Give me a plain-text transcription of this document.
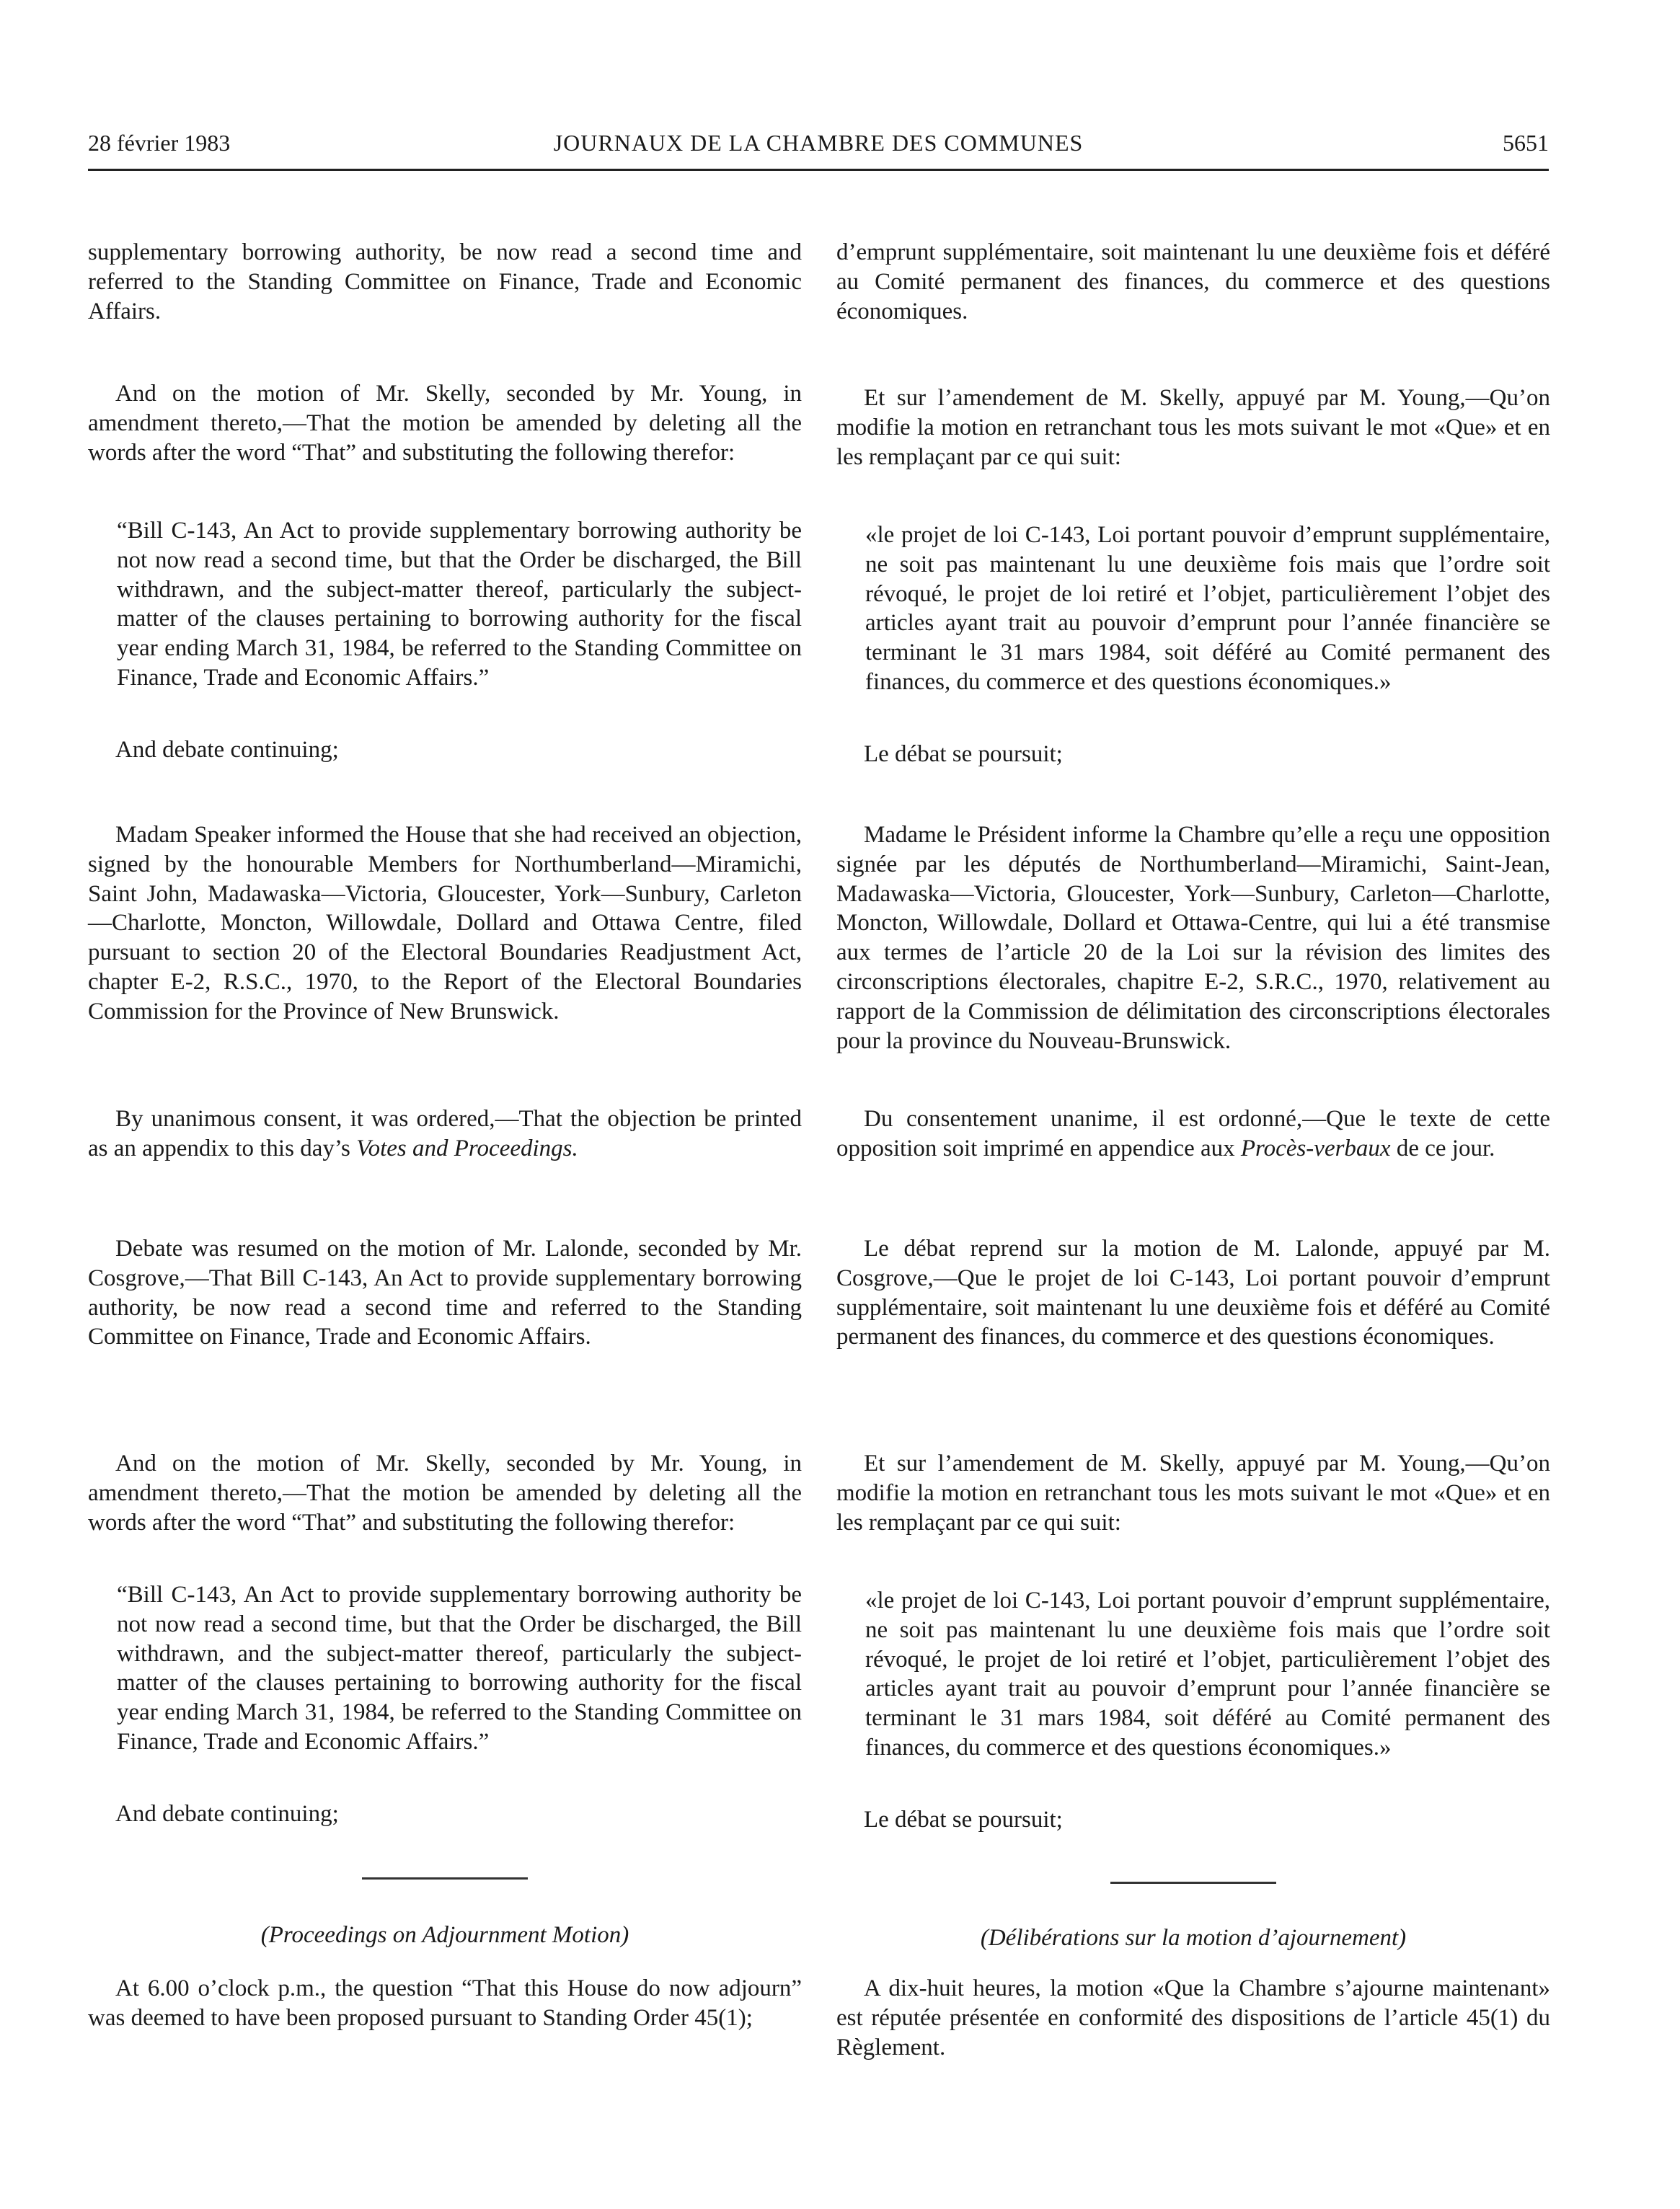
28 février 1983	JOURNAUX DE LA CHAMBRE DES COMMUNES	5651

supplementary borrowing authority, be now read a second time and referred to the Standing Committee on Finance, Trade and Economic Affairs.

And on the motion of Mr. Skelly, seconded by Mr. Young, in amendment thereto,—That the motion be amended by deleting all the words after the word “That” and substituting the following therefor:

“Bill C-143, An Act to provide supplementary borrowing authority be not now read a second time, but that the Order be discharged, the Bill withdrawn, and the subject-matter thereof, particularly the subject-matter of the clauses pertaining to borrowing authority for the fiscal year ending March 31, 1984, be referred to the Standing Committee on Finance, Trade and Economic Affairs.”

And debate continuing;

Madam Speaker informed the House that she had received an objection, signed by the honourable Members for Northumberland—Miramichi, Saint John, Madawaska—Victoria, Gloucester, York—Sunbury, Carleton—Charlotte, Moncton, Willowdale, Dollard and Ottawa Centre, filed pursuant to section 20 of the Electoral Boundaries Readjustment Act, chapter E-2, R.S.C., 1970, to the Report of the Electoral Boundaries Commission for the Province of New Brunswick.

By unanimous consent, it was ordered,—That the objection be printed as an appendix to this day’s Votes and Proceedings.

Debate was resumed on the motion of Mr. Lalonde, seconded by Mr. Cosgrove,—That Bill C-143, An Act to provide supplementary borrowing authority, be now read a second time and referred to the Standing Committee on Finance, Trade and Economic Affairs.

And on the motion of Mr. Skelly, seconded by Mr. Young, in amendment thereto,—That the motion be amended by deleting all the words after the word “That” and substituting the following therefor:

“Bill C-143, An Act to provide supplementary borrowing authority be not now read a second time, but that the Order be discharged, the Bill withdrawn, and the subject-matter thereof, particularly the subject-matter of the clauses pertaining to borrowing authority for the fiscal year ending March 31, 1984, be referred to the Standing Committee on Finance, Trade and Economic Affairs.”

And debate continuing;

(Proceedings on Adjournment Motion)

At 6.00 o’clock p.m., the question “That this House do now adjourn” was deemed to have been proposed pursuant to Standing Order 45(1);

d’emprunt supplémentaire, soit maintenant lu une deuxième fois et déféré au Comité permanent des finances, du commerce et des questions économiques.

Et sur l’amendement de M. Skelly, appuyé par M. Young,—Qu’on modifie la motion en retranchant tous les mots suivant le mot «Que» et en les remplaçant par ce qui suit:

«le projet de loi C-143, Loi portant pouvoir d’emprunt supplémentaire, ne soit pas maintenant lu une deuxième fois mais que l’ordre soit révoqué, le projet de loi retiré et l’objet, particulièrement l’objet des articles ayant trait au pouvoir d’emprunt pour l’année financière se terminant le 31 mars 1984, soit déféré au Comité permanent des finances, du commerce et des questions économiques.»

Le débat se poursuit;

Madame le Président informe la Chambre qu’elle a reçu une opposition signée par les députés de Northumberland—Miramichi, Saint-Jean, Madawaska—Victoria, Gloucester, York—Sunbury, Carleton—Charlotte, Moncton, Willowdale, Dollard et Ottawa-Centre, qui lui a été transmise aux termes de l’article 20 de la Loi sur la révision des limites des circonscriptions électorales, chapitre E-2, S.R.C., 1970, relativement au rapport de la Commission de délimitation des circonscriptions électorales pour la province du Nouveau-Brunswick.

Du consentement unanime, il est ordonné,—Que le texte de cette opposition soit imprimé en appendice aux Procès-verbaux de ce jour.

Le débat reprend sur la motion de M. Lalonde, appuyé par M. Cosgrove,—Que le projet de loi C-143, Loi portant pouvoir d’emprunt supplémentaire, soit maintenant lu une deuxième fois et déféré au Comité permanent des finances, du commerce et des questions économiques.

Et sur l’amendement de M. Skelly, appuyé par M. Young,—Qu’on modifie la motion en retranchant tous les mots suivant le mot «Que» et en les remplaçant par ce qui suit:

«le projet de loi C-143, Loi portant pouvoir d’emprunt supplémentaire, ne soit pas maintenant lu une deuxième fois mais que l’ordre soit révoqué, le projet de loi retiré et l’objet, particulièrement l’objet des articles ayant trait au pouvoir d’emprunt pour l’année financière se terminant le 31 mars 1984, soit déféré au Comité permanent des finances, du commerce et des questions économiques.»

Le débat se poursuit;

(Délibérations sur la motion d’ajournement)

A dix-huit heures, la motion «Que la Chambre s’ajourne maintenant» est réputée présentée en conformité des dispositions de l’article 45(1) du Règlement.
